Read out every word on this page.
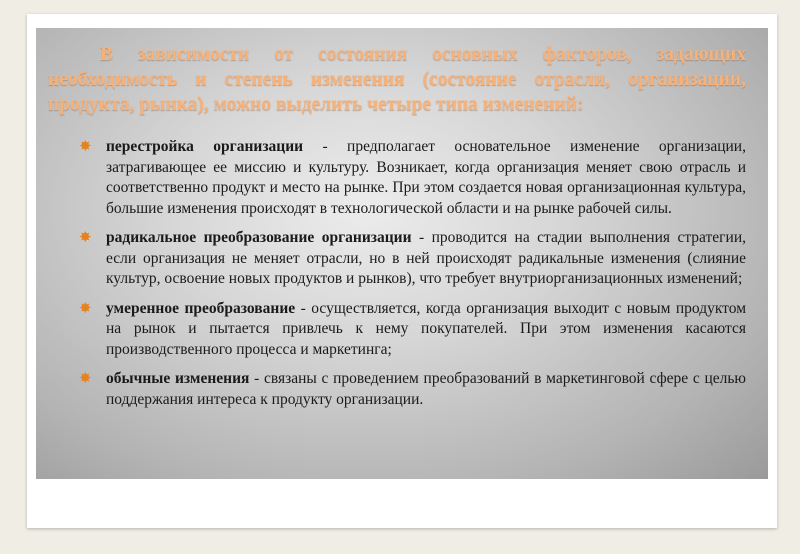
В зависимости от состояния основных факторов, задающих необходимость и степень изменения (состояние отрасли, организации, продукта, рынка), можно выделить четыре типа изменений:

✸ перестройка организации - предполагает основательное изменение организации, затрагивающее ее миссию и культуру. Возникает, когда организация меняет свою отрасль и соответственно продукт и место на рынке. При этом создается новая организационная культура, большие изменения происходят в технологической области и на рынке рабочей силы.
✸ радикальное преобразование организации - проводится на стадии выполнения стратегии, если организация не меняет отрасли, но в ней происходят радикальные изменения (слияние культур, освоение новых продуктов и рынков), что требует внутриорганизационных изменений;
✸ умеренное преобразование - осуществляется, когда организация выходит с новым продуктом на рынок и пытается привлечь к нему покупателей. При этом изменения касаются производственного процесса и маркетинга;
✸ обычные изменения - связаны с проведением преобразований в маркетинговой сфере с целью поддержания интереса к продукту организации.
